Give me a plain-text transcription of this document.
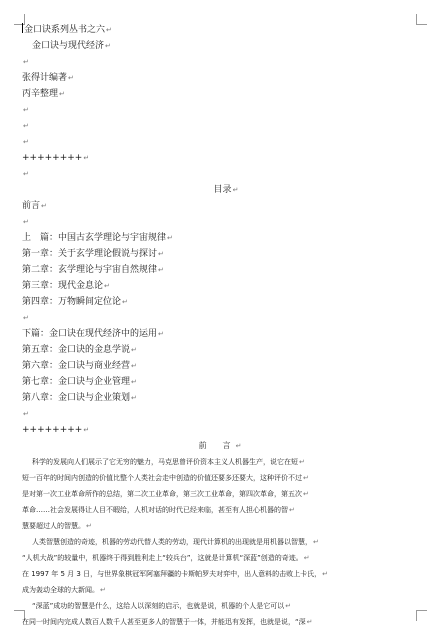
金口诀系列丛书之六↵
金口诀与现代经济↵
↵
张得计编著↵
丙辛整理↵
↵
↵
↵
++++++++↵
↵
目录↵
前言↵
↵
上　篇：中国古玄学理论与宇宙规律↵
第一章：关于玄学理论假说与探讨↵
第二章：玄学理论与宇宙自然规律↵
第三章：现代金息论↵
第四章：万物瞬间定位论↵
↵
下篇：金口诀在现代经济中的运用↵
第五章：金口诀的金息学说↵
第六章：金口诀与商业经营↵
第七章：金口诀与企业管理↵
第八章：金口诀与企业策划↵
↵
++++++++↵
前　言↵
科学的发展向人们展示了它无穷的魅力，马克思曾评价资本主义人机器生产，说它在短↵
短一百年的时间内创造的价值比整个人类社会走中创造的价值还要多还要大，这种评价不过↵
是对第一次工业革命所作的总结，第二次工业革命，第三次工业革命，第四次革命，第五次↵
革命……社会发展得让人目不暇给，人机对话的时代已经来临，甚至有人担心机器的智↵
慧要超过人的智慧。↵
人类智慧创造的奇迹，机器的劳动代替人类的劳动，现代计算机的出现就是用机器以智慧，↵
“人机大战”的较量中，机器终于得到胜利走上“较兵台”，这就是计算机“深蓝”创造的奇迹。↵
在 1997 年 5 月 3 日，与世界象棋冠军阿塞拜疆的卡斯帕罗夫对弈中，出人意料的击败上卡氏，↵
成为轰动全球的大新闻。↵
“深蓝”成功的智慧是什么，这给人以深刻的启示，也就是说，机器的个人是它可以↵
在同一时间内完成人数百人数千人甚至更多人的智慧于一体，并能迅有发挥，也就是说，“深↵
